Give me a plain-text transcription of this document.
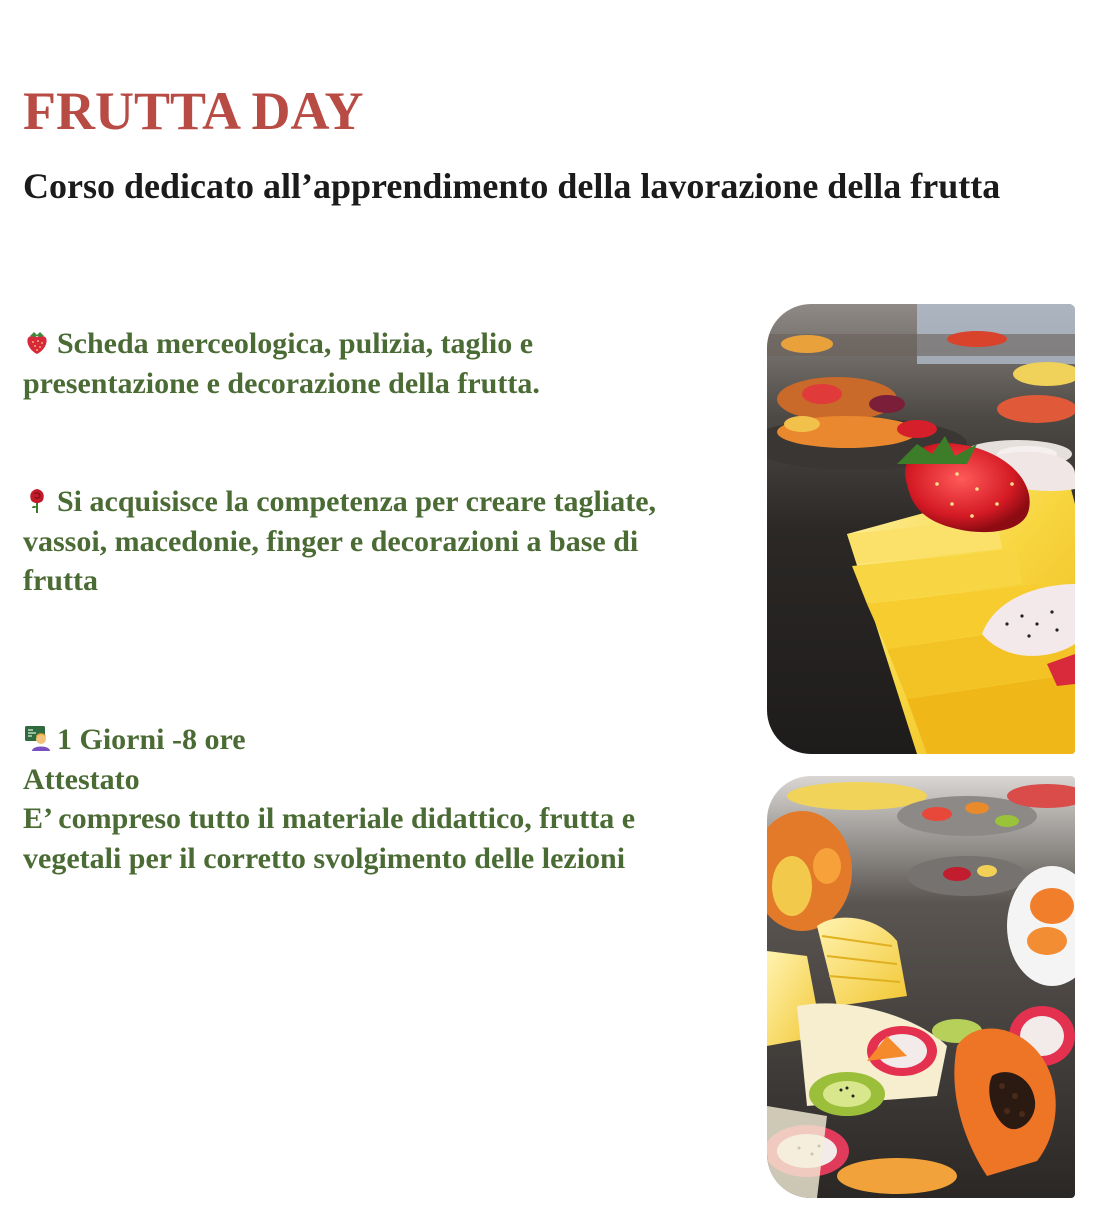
FRUTTA DAY
Corso dedicato all’apprendimento della lavorazione della frutta

Scheda merceologica, pulizia, taglio e presentazione e decorazione della frutta.

Si acquisisce la competenza per creare tagliate, vassoi, macedonie, finger e decorazioni a base di frutta

1 Giorni -8 ore
Attestato
E’ compreso tutto il materiale didattico, frutta e vegetali per il corretto svolgimento delle lezioni
